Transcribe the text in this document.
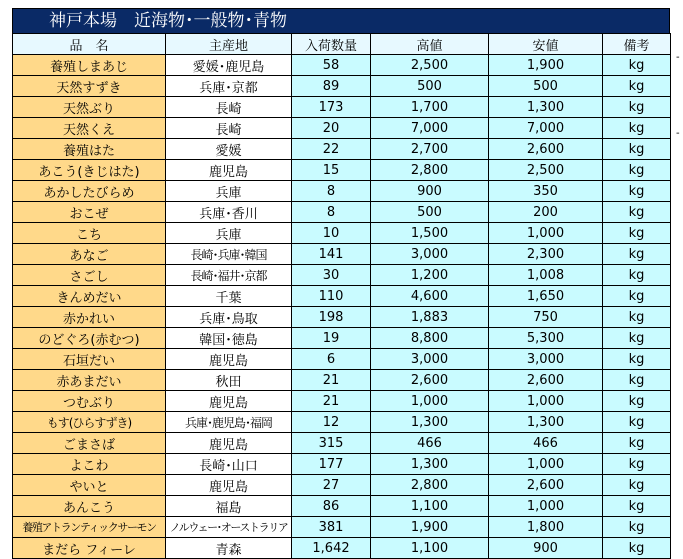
神戸本場　近海物･一般物･青物
品　名	主産地	入荷数量	高値	安値	備考
養殖しまあじ	愛媛･鹿児島	58	2,500	1,900	kg
天然すずき	兵庫･京都	89	500	500	kg
天然ぶり	長崎	173	1,700	1,300	kg
天然くえ	長崎	20	7,000	7,000	kg
養殖はた	愛媛	22	2,700	2,600	kg
あこう(きじはた)	鹿児島	15	2,800	2,500	kg
あかしたびらめ	兵庫	8	900	350	kg
おこぜ	兵庫･香川	8	500	200	kg
こち	兵庫	10	1,500	1,000	kg
あなご	長崎･兵庫･韓国	141	3,000	2,300	kg
さごし	長崎･福井･京都	30	1,200	1,008	kg
きんめだい	千葉	110	4,600	1,650	kg
赤かれい	兵庫･鳥取	198	1,883	750	kg
のどぐろ(赤むつ)	韓国･徳島	19	8,800	5,300	kg
石垣だい	鹿児島	6	3,000	3,000	kg
赤あまだい	秋田	21	2,600	2,600	kg
つむぶり	鹿児島	21	1,000	1,000	kg
もす(ひらすずき)	兵庫･鹿児島･福岡	12	1,300	1,300	kg
ごまさば	鹿児島	315	466	466	kg
よこわ	長崎･山口	177	1,300	1,000	kg
やいと	鹿児島	27	2,800	2,600	kg
あんこう	福島	86	1,100	1,000	kg
養殖アトランティックサーモン	ノルウェー･オーストラリア	381	1,900	1,800	kg
まだら フィーレ	青森	1,642	1,100	900	kg
-
-
